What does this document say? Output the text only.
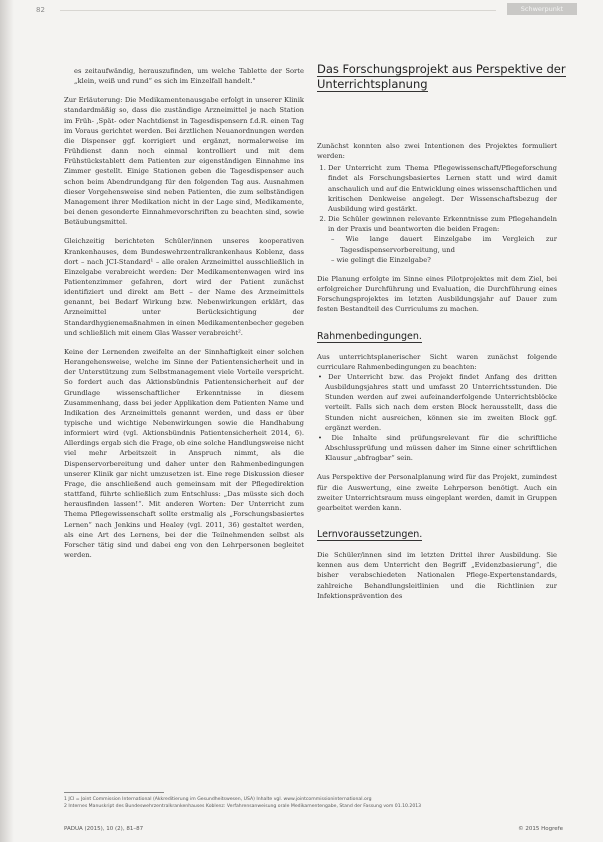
82	Schwerpunkt

es zeitaufwändig, herauszufinden, um welche Tablette der Sorte „klein, weiß und rund“ es sich im Einzelfall handelt."

Zur Erläuterung: Die Medikamentenausgabe erfolgt in unserer Klinik standardmäßig so, dass die zuständige Arzneimittel je nach Station im Früh- ‚Spät- oder Nachtdienst in Tagesdispensern f.d.R. einen Tag im Voraus gerichtet werden. Bei ärztlichen Neuanordnungen werden die Dispenser ggf. korrigiert und ergänzt, normalerweise im Frühdienst dann noch einmal kontrolliert und mit dem Frühstückstablett dem Patienten zur eigenständigen Einnahme ins Zimmer gestellt. Einige Stationen geben die Tagesdispenser auch schon beim Abendrundgang für den folgenden Tag aus. Ausnahmen dieser Vorgehensweise sind neben Patienten, die zum selbständigen Management ihrer Medikation nicht in der Lage sind, Medikamente, bei denen gesonderte Einnahmevorschriften zu beachten sind, sowie Betäubungsmittel.

Gleichzeitig berichteten Schüler/innen unseres kooperativen Krankenhauses, dem Bundeswehrzentralkrankenhaus Koblenz, dass dort – nach JCI-Standard¹ – alle oralen Arzneimittel ausschließlich in Einzelgabe verabreicht werden: Der Medikamentenwagen wird ins Patientenzimmer gefahren, dort wird der Patient zunächst identifiziert und direkt am Bett – der Name des Arzneimittels genannt, bei Bedarf Wirkung bzw. Nebenwirkungen erklärt, das Arzneimittel unter Berücksichtigung der Standardhygienemaßnahmen in einen Medikamentenbecher gegeben und schließlich mit einem Glas Wasser verabreicht².

Keine der Lernenden zweifelte an der Sinnhaftigkeit einer solchen Herangehensweise, welche im Sinne der Patientensicherheit und in der Unterstützung zum Selbstmanagement viele Vorteile verspricht. So fordert auch das Aktionsbündnis Patientensicherheit auf der Grundlage wissenschaftlicher Erkenntnisse in diesem Zusammenhang, dass bei jeder Applikation dem Patienten Name und Indikation des Arzneimittels genannt werden, und dass er über typische und wichtige Nebenwirkungen sowie die Handhabung informiert wird (vgl. Aktionsbündnis Patientensicherheit 2014, 6). Allerdings ergab sich die Frage, ob eine solche Handlungsweise nicht viel mehr Arbeitszeit in Anspruch nimmt, als die Dispenservorbereitung und daher unter den Rahmenbedingungen unserer Klinik gar nicht umzusetzen ist. Eine rege Diskussion dieser Frage, die anschließend auch gemeinsam mit der Pflegedirektion stattfand, führte schließlich zum Entschluss: „Das müsste sich doch herausfinden lassen!“. Mit anderen Worten: Der Unterricht zum Thema Pflegewissenschaft sollte erstmalig als „Forschungsbasiertes Lernen“ nach Jenkins und Healey (vgl. 2011, 36) gestaltet werden, als eine Art des Lernens, bei der die Teilnehmenden selbst als Forscher tätig sind und dabei eng von den Lehrpersonen begleitet werden.

Das Forschungsprojekt aus Perspektive der Unterrichtsplanung

Zunächst konnten also zwei Intentionen des Projektes formuliert werden:

1. Der Unterricht zum Thema Pflegewissenschaft/Pflegeforschung findet als Forschungsbasiertes Lernen statt und wird damit anschaulich und auf die Entwicklung eines wissenschaftlichen und kritischen Denkweise angelegt. Der Wissenschaftsbezug der Ausbildung wird gestärkt.
2. Die Schüler gewinnen relevante Erkenntnisse zum Pflegehandeln in der Praxis und beantworten die beiden Fragen:
– Wie lange dauert Einzelgabe im Vergleich zur Tagesdispenservorbereitung, und
– wie gelingt die Einzelgabe?

Die Planung erfolgte im Sinne eines Pilotprojektes mit dem Ziel, bei erfolgreicher Durchführung und Evaluation, die Durchführung eines Forschungsprojektes im letzten Ausbildungsjahr auf Dauer zum festen Bestandteil des Curriculums zu machen.

Rahmenbedingungen.

Aus unterrichtsplanerischer Sicht waren zunächst folgende curriculare Rahmenbedingungen zu beachten:

• Der Unterricht bzw. das Projekt findet Anfang des dritten Ausbildungsjahres statt und umfasst 20 Unterrichtsstunden. Die Stunden werden auf zwei aufeinanderfolgende Unterrichtsblöcke verteilt. Falls sich nach dem ersten Block herausstellt, dass die Stunden nicht ausreichen, können sie im zweiten Block ggf. ergänzt werden.
• Die Inhalte sind prüfungsrelevant für die schriftliche Abschlussprüfung und müssen daher im Sinne einer schriftlichen Klausur „abfragbar“ sein.

Aus Perspektive der Personalplanung wird für das Projekt, zumindest für die Auswertung, eine zweite Lehrperson benötigt. Auch ein zweiter Unterrichtsraum muss eingeplant werden, damit in Gruppen gearbeitet werden kann.

Lernvoraussetzungen.

Die Schüler/innen sind im letzten Drittel ihrer Ausbildung. Sie kennen aus dem Unterricht den Begriff „Evidenzbasierung“, die bisher verabschiedeten Nationalen Pflege-Expertenstandards, zahlreiche Behandlungsleitlinien und die Richtlinien zur Infektionsprävention des

1 JCI = Joint Commission International (Akkreditierung im Gesundheitswesen, USA) Inhalte vgl. www.jointcommissioninternational.org
2 Internes Manuskript des Bundeswehrzentralkrankenhauses Koblenz: Verfahrensanweisung orale Medikamentengabe, Stand der Fassung vom 01.10.2013
PADUA (2015), 10 (2), 81–87	© 2015 Hogrefe
